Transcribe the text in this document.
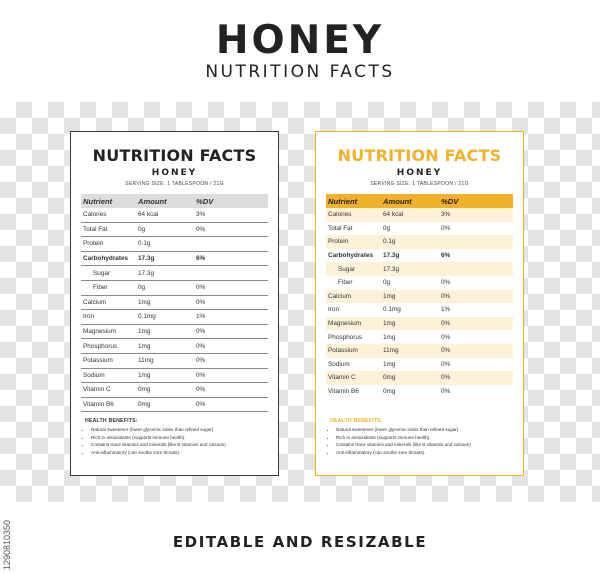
HONEY
NUTRITION FACTS
NUTRITION FACTS
HONEY
SERVING SIZE: 1 TABLESPOON / 21G
Nutrient	Amount	%DV
Calories	64 kcal	3%
Total Fat	0g	0%
Protein	0.1g	
Carbohydrates	17.3g	6%
Sugar	17.3g	
Fiber	0g	0%
Calcium	1mg	0%
Iron	0.1mg	1%
Magnesium	1mg	0%
Phosphorus	1mg	0%
Potassium	11mg	0%
Sodium	1mg	0%
Vitamin C	0mg	0%
Vitamin B6	0mg	0%
HEALTH BENEFITS:
• Natural sweetener (lower glycemic index than refined sugar).
• Rich in antioxidants (supports immune health).
• Contains trace vitamins and minerals (like B vitamins and calcium)
• Anti-inflammatory (can soothe sore throats).
NUTRITION FACTS
HONEY
SERVING SIZE: 1 TABLESPOON / 21G
Nutrient	Amount	%DV
Calories	64 kcal	3%
Total Fat	0g	0%
Protein	0.1g	
Carbohydrates	17.3g	6%
Sugar	17.3g	
Fiber	0g	0%
Calcium	1mg	0%
Iron	0.1mg	1%
Magnesium	1mg	0%
Phosphorus	1mg	0%
Potassium	11mg	0%
Sodium	1mg	0%
Vitamin C	0mg	0%
Vitamin B6	0mg	0%
HEALTH BENEFITS:
• Natural sweetener (lower glycemic index than refined sugar).
• Rich in antioxidants (supports immune health).
• Contains trace vitamins and minerals (like B vitamins and calcium)
• Anti-inflammatory (can soothe sore throats).
EDITABLE AND RESIZABLE
1290810350
